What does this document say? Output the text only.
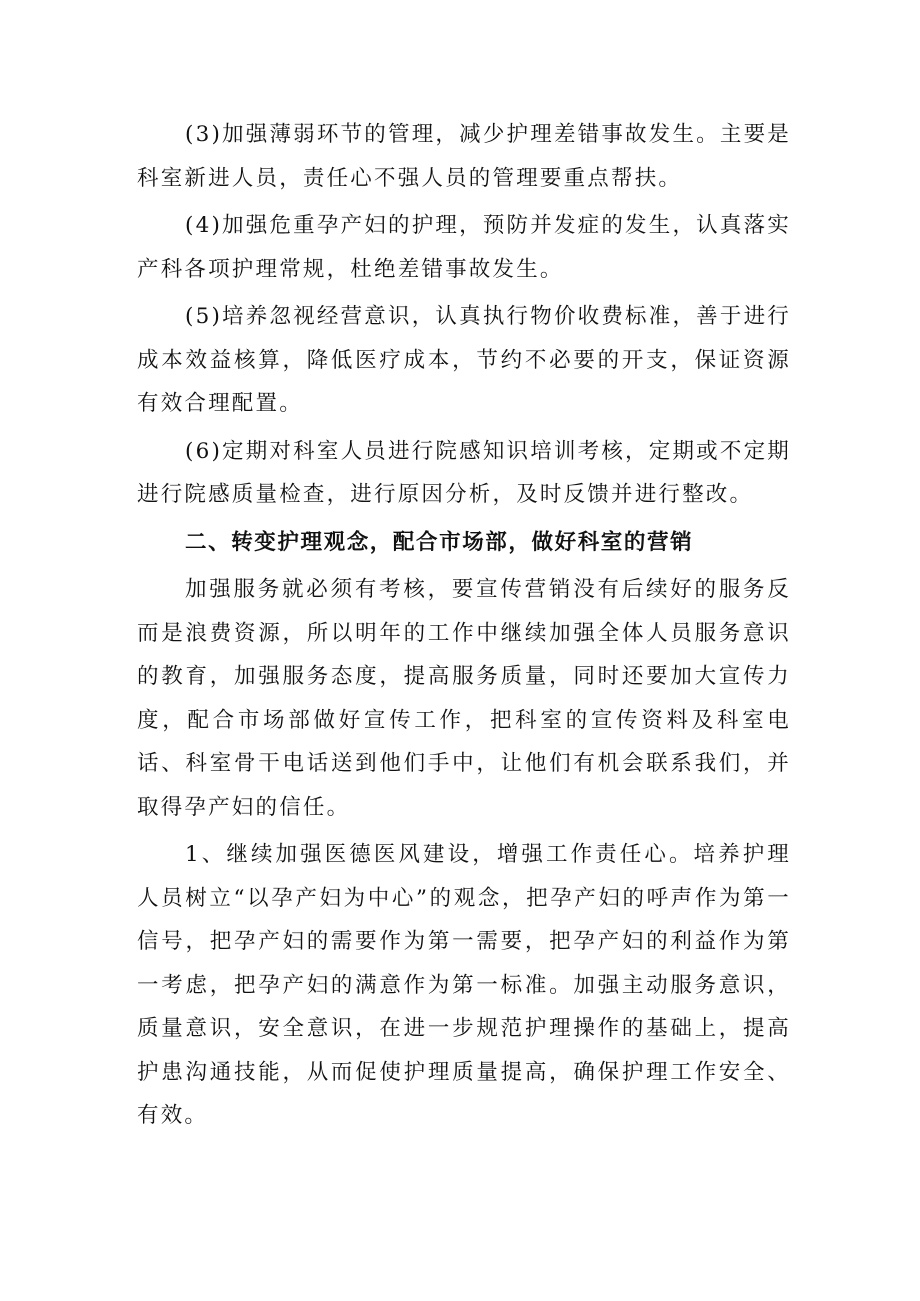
(3)加强薄弱环节的管理，减少护理差错事故发生。主要是科室新进人员，责任心不强人员的管理要重点帮扶。

(4)加强危重孕产妇的护理，预防并发症的发生，认真落实产科各项护理常规，杜绝差错事故发生。

(5)培养忽视经营意识，认真执行物价收费标准，善于进行成本效益核算，降低医疗成本，节约不必要的开支，保证资源有效合理配置。

(6)定期对科室人员进行院感知识培训考核，定期或不定期进行院感质量检查，进行原因分析，及时反馈并进行整改。

二、转变护理观念，配合市场部，做好科室的营销

加强服务就必须有考核，要宣传营销没有后续好的服务反而是浪费资源，所以明年的工作中继续加强全体人员服务意识的教育，加强服务态度，提高服务质量，同时还要加大宣传力度，配合市场部做好宣传工作，把科室的宣传资料及科室电话、科室骨干电话送到他们手中，让他们有机会联系我们，并取得孕产妇的信任。

1、继续加强医德医风建设，增强工作责任心。培养护理人员树立“以孕产妇为中心”的观念，把孕产妇的呼声作为第一信号，把孕产妇的需要作为第一需要，把孕产妇的利益作为第一考虑，把孕产妇的满意作为第一标准。加强主动服务意识，质量意识，安全意识，在进一步规范护理操作的基础上，提高护患沟通技能，从而促使护理质量提高，确保护理工作安全、有效。
